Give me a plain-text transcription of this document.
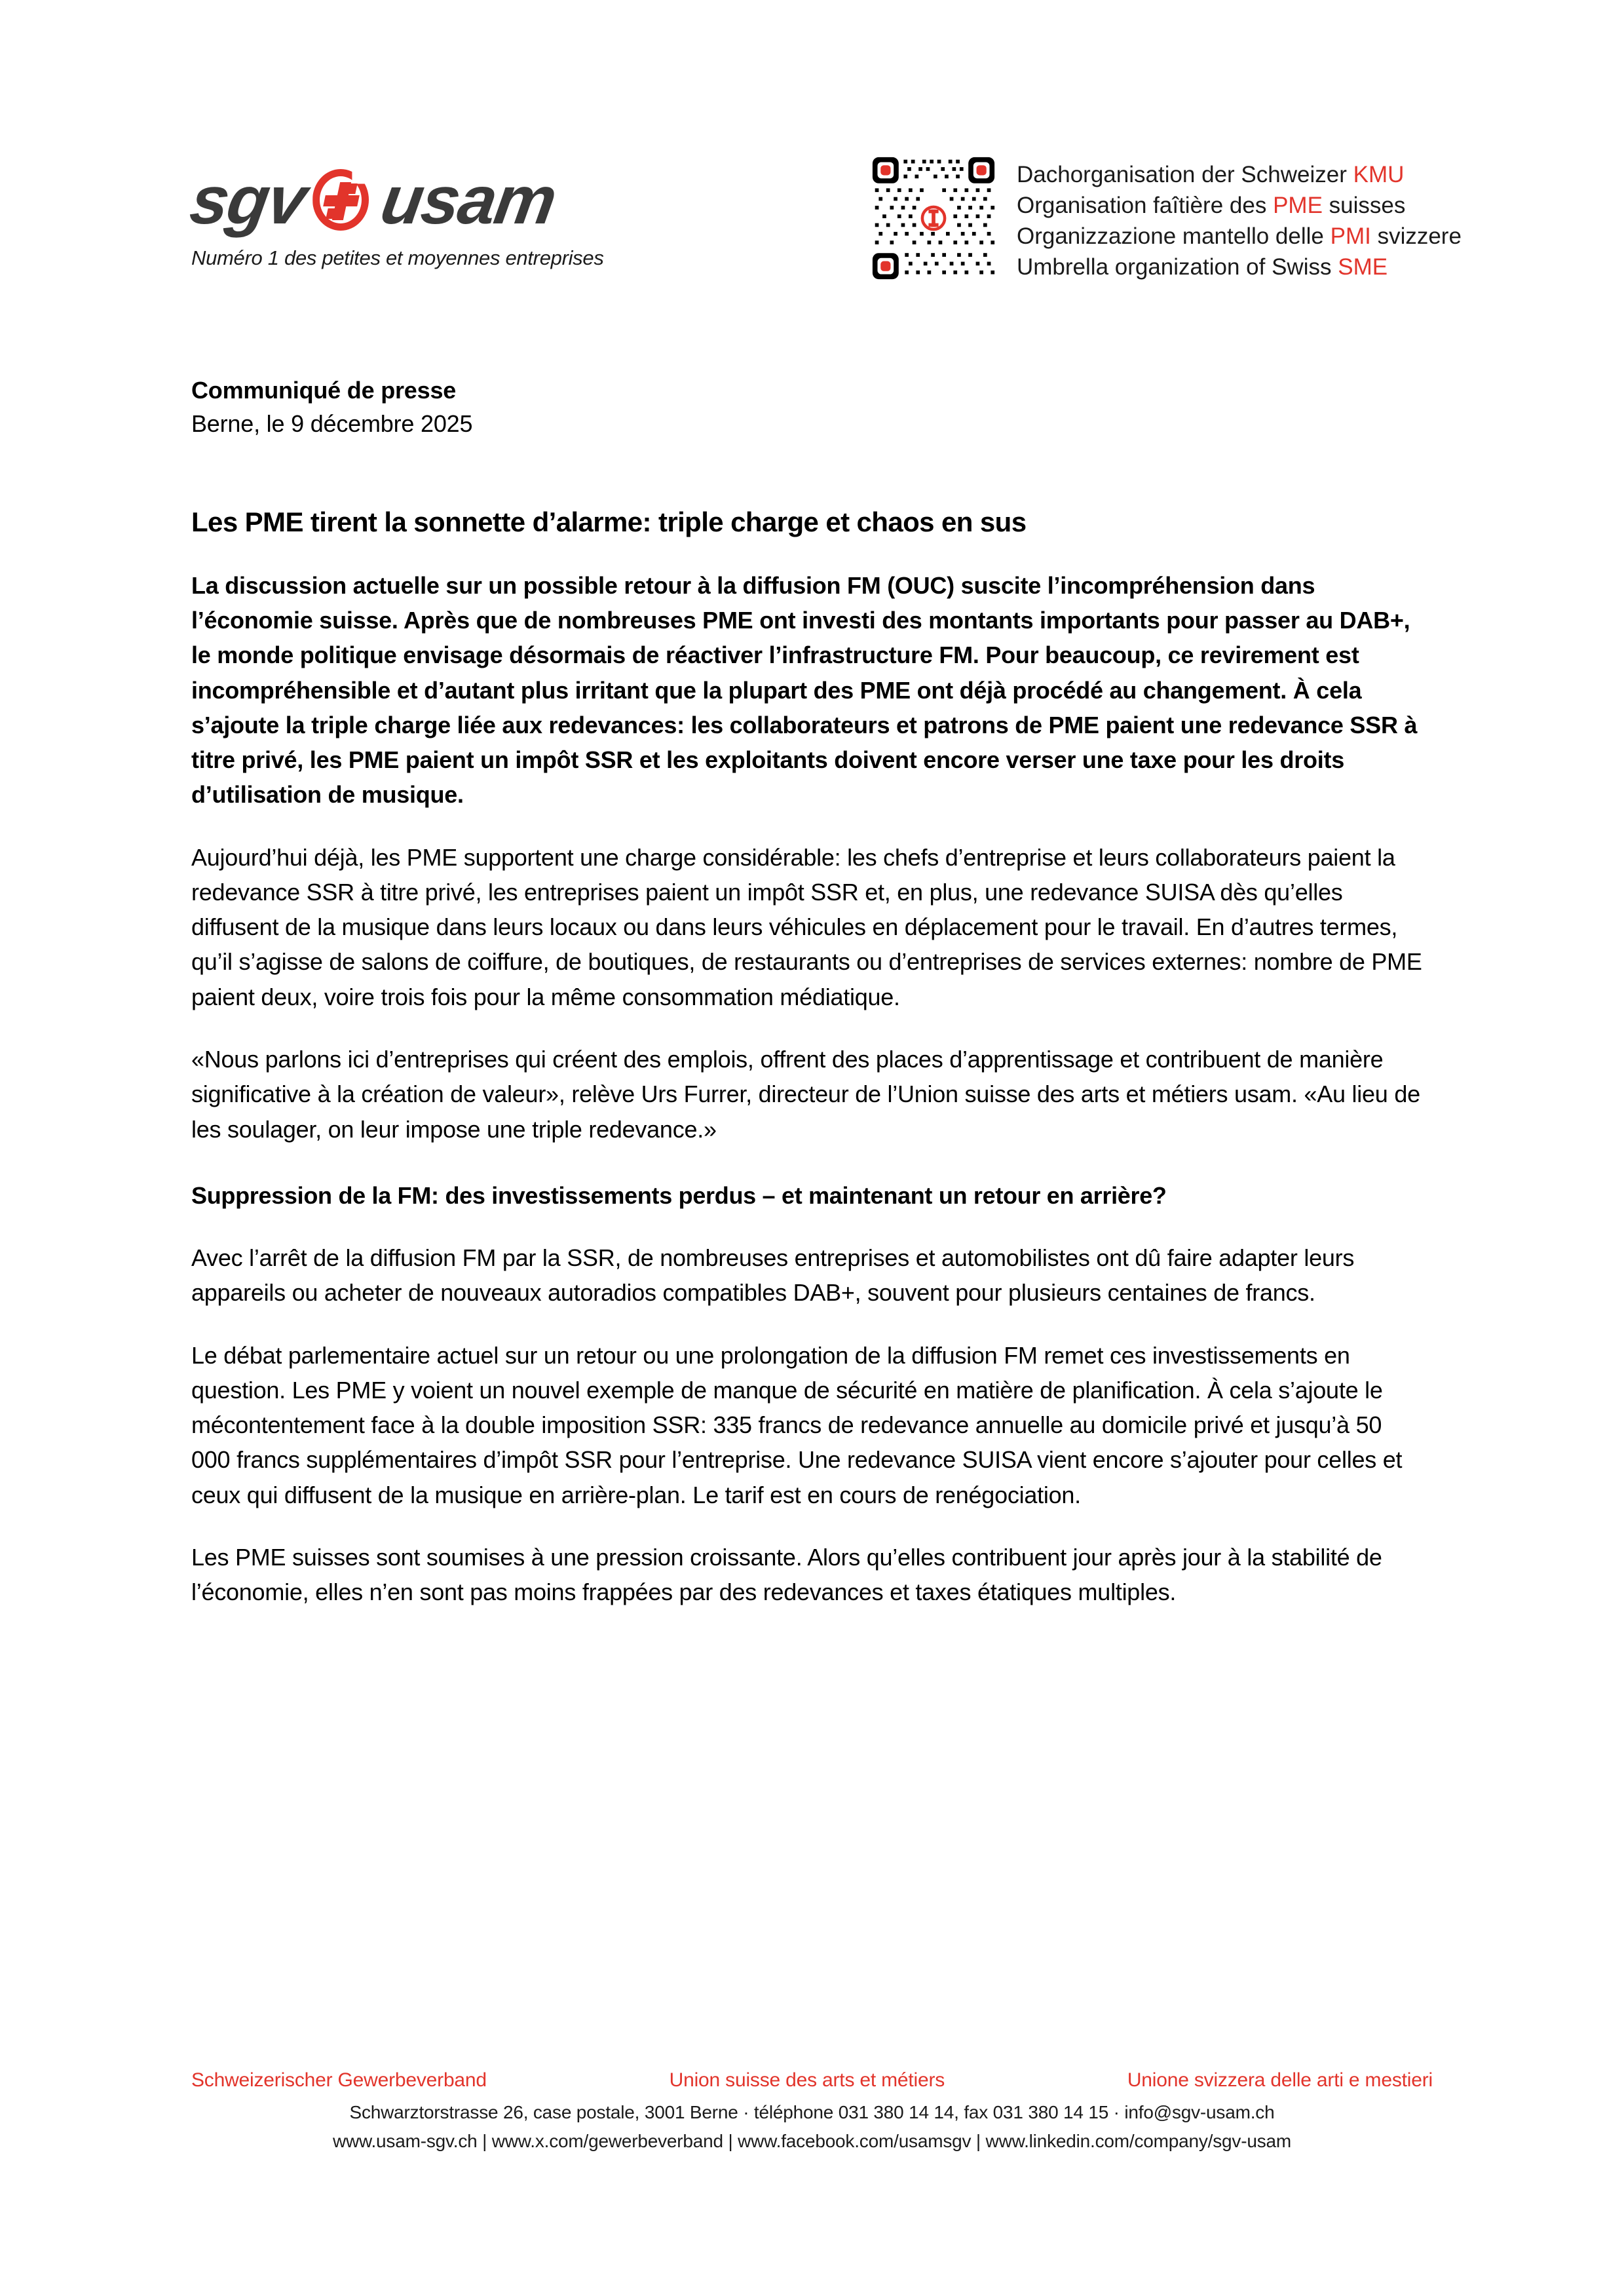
sgv usam
Numéro 1 des petites et moyennes entreprises
Dachorganisation der Schweizer KMU
Organisation faîtière des PME suisses
Organizzazione mantello delle PMI svizzere
Umbrella organization of Swiss SME
Communiqué de presse
Berne, le 9 décembre 2025
Les PME tirent la sonnette d’alarme: triple charge et chaos en sus

La discussion actuelle sur un possible retour à la diffusion FM (OUC) suscite l’incompréhension dans l’économie suisse. Après que de nombreuses PME ont investi des montants importants pour passer au DAB+, le monde politique envisage désormais de réactiver l’infrastructure FM. Pour beaucoup, ce revirement est incompréhensible et d’autant plus irritant que la plupart des PME ont déjà procédé au changement. À cela s’ajoute la triple charge liée aux redevances: les collaborateurs et patrons de PME paient une redevance SSR à titre privé, les PME paient un impôt SSR et les exploitants doivent encore verser une taxe pour les droits d’utilisation de musique.

Aujourd’hui déjà, les PME supportent une charge considérable: les chefs d’entreprise et leurs collaborateurs paient la redevance SSR à titre privé, les entreprises paient un impôt SSR et, en plus, une redevance SUISA dès qu’elles diffusent de la musique dans leurs locaux ou dans leurs véhicules en déplacement pour le travail. En d’autres termes, qu’il s’agisse de salons de coiffure, de boutiques, de restaurants ou d’entreprises de services externes: nombre de PME paient deux, voire trois fois pour la même consommation médiatique.

«Nous parlons ici d’entreprises qui créent des emplois, offrent des places d’apprentissage et contribuent de manière significative à la création de valeur», relève Urs Furrer, directeur de l’Union suisse des arts et métiers usam. «Au lieu de les soulager, on leur impose une triple redevance.»

Suppression de la FM: des investissements perdus – et maintenant un retour en arrière?

Avec l’arrêt de la diffusion FM par la SSR, de nombreuses entreprises et automobilistes ont dû faire adapter leurs appareils ou acheter de nouveaux autoradios compatibles DAB+, souvent pour plusieurs centaines de francs.

Le débat parlementaire actuel sur un retour ou une prolongation de la diffusion FM remet ces investissements en question. Les PME y voient un nouvel exemple de manque de sécurité en matière de planification. À cela s’ajoute le mécontentement face à la double imposition SSR: 335 francs de redevance annuelle au domicile privé et jusqu’à 50 000 francs supplémentaires d’impôt SSR pour l’entreprise. Une redevance SUISA vient encore s’ajouter pour celles et ceux qui diffusent de la musique en arrière-plan. Le tarif est en cours de renégociation.

Les PME suisses sont soumises à une pression croissante. Alors qu’elles contribuent jour après jour à la stabilité de l’économie, elles n’en sont pas moins frappées par des redevances et taxes étatiques multiples.

Schweizerischer Gewerbeverband	Union suisse des arts et métiers	Unione svizzera delle arti e mestieri
Schwarztorstrasse 26, case postale, 3001 Berne · téléphone 031 380 14 14, fax 031 380 14 15 · info@sgv-usam.ch
www.usam-sgv.ch | www.x.com/gewerbeverband | www.facebook.com/usamsgv | www.linkedin.com/company/sgv-usam
